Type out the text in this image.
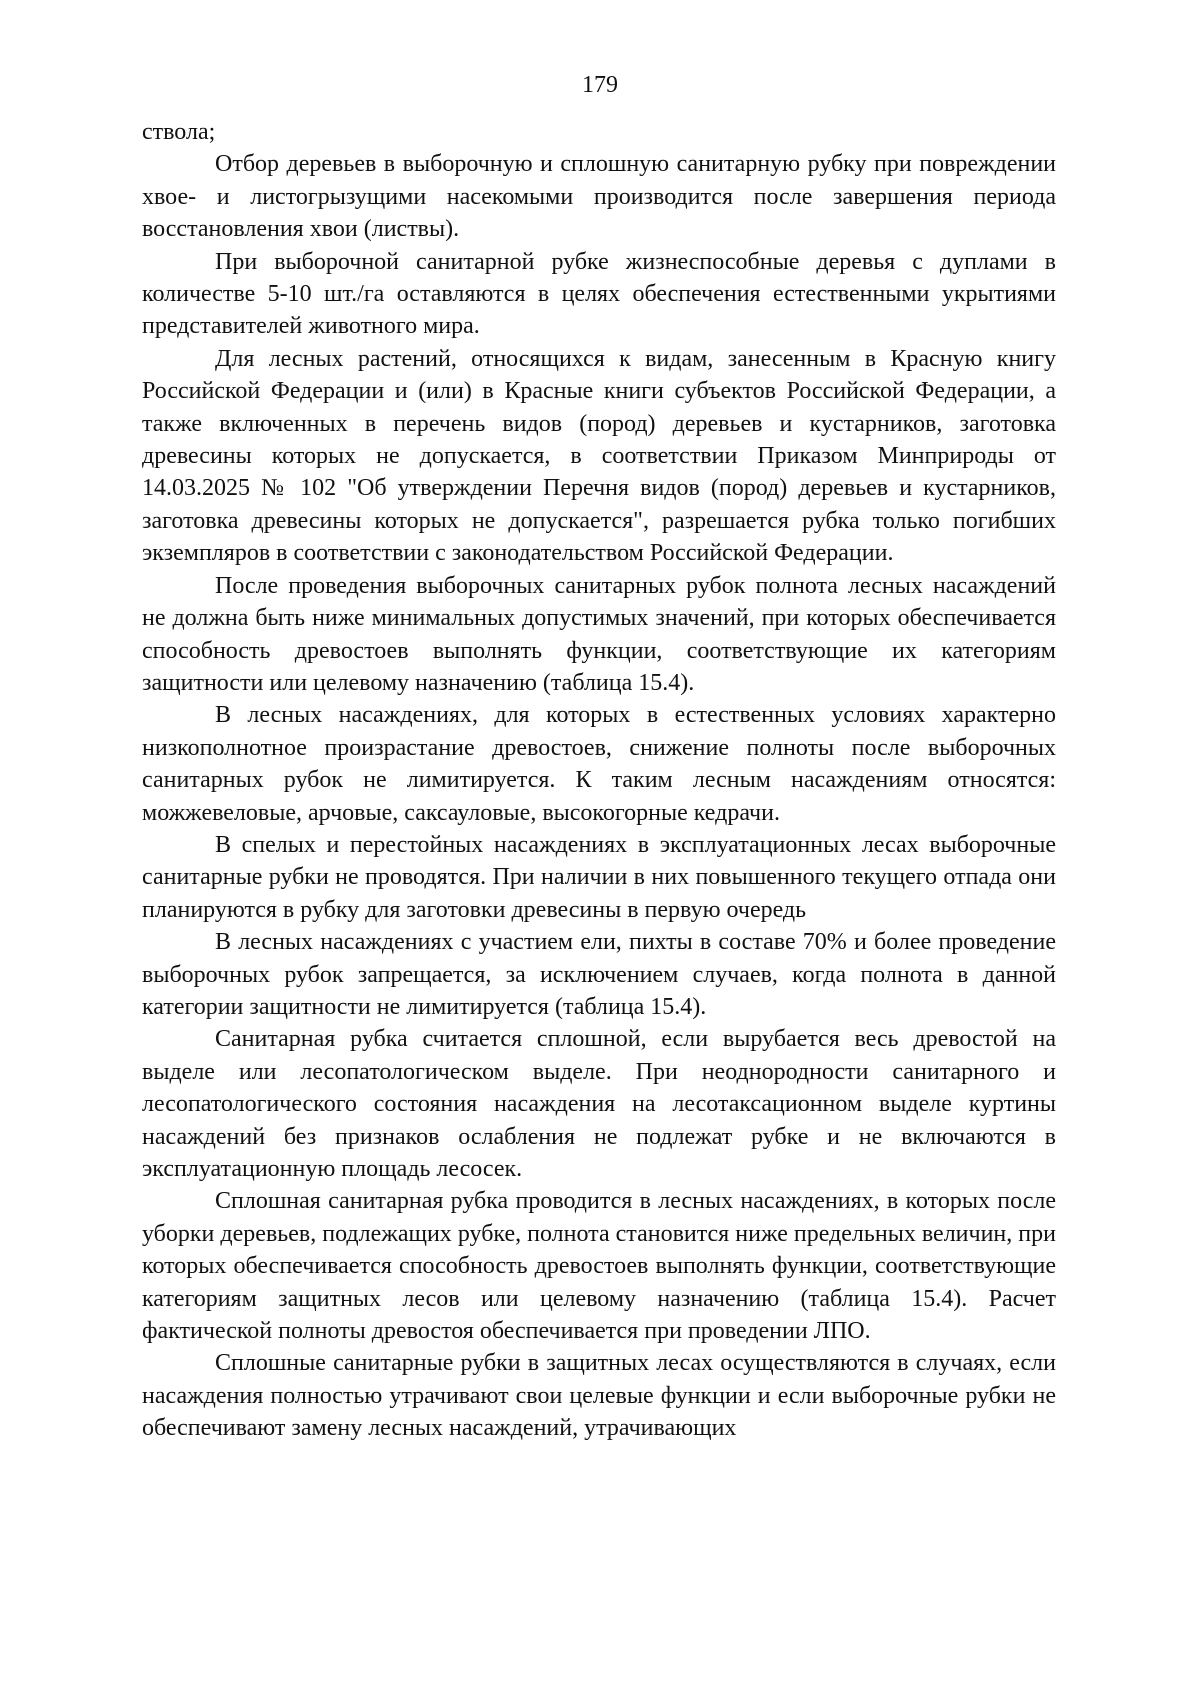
179

ствола;

Отбор деревьев в выборочную и сплошную санитарную рубку при повреждении хвое- и листогрызущими насекомыми производится после завершения периода восстановления хвои (листвы).

При выборочной санитарной рубке жизнеспособные деревья с дуплами в количестве 5-10 шт./га оставляются в целях обеспечения естественными укрытиями представителей животного мира.

Для лесных растений, относящихся к видам, занесенным в Красную книгу Российской Федерации и (или) в Красные книги субъектов Российской Федерации, а также включенных в перечень видов (пород) деревьев и кустарников, заготовка древесины которых не допускается, в соответствии Приказом Минприроды от 14.03.2025 № 102 "Об утверждении Перечня видов (пород) деревьев и кустарников, заготовка древесины которых не допускается", разрешается рубка только погибших экземпляров в соответствии с законодательством Российской Федерации.

После проведения выборочных санитарных рубок полнота лесных насаждений не должна быть ниже минимальных допустимых значений, при которых обеспечивается способность древостоев выполнять функции, соответствующие их категориям защитности или целевому назначению (таблица 15.4).

В лесных насаждениях, для которых в естественных условиях характерно низкополнотное произрастание древостоев, снижение полноты после выборочных санитарных рубок не лимитируется. К таким лесным насаждениям относятся: можжевеловые, арчовые, саксауловые, высокогорные кедрачи.

В спелых и перестойных насаждениях в эксплуатационных лесах выборочные санитарные рубки не проводятся. При наличии в них повышенного текущего отпада они планируются в рубку для заготовки древесины в первую очередь

В лесных насаждениях с участием ели, пихты в составе 70% и более проведение выборочных рубок запрещается, за исключением случаев, когда полнота в данной категории защитности не лимитируется (таблица 15.4).

Санитарная рубка считается сплошной, если вырубается весь древостой на выделе или лесопатологическом выделе. При неоднородности санитарного и лесопатологического состояния насаждения на лесотаксационном выделе куртины насаждений без признаков ослабления не подлежат рубке и не включаются в эксплуатационную площадь лесосек.

Сплошная санитарная рубка проводится в лесных насаждениях, в которых после уборки деревьев, подлежащих рубке, полнота становится ниже предельных величин, при которых обеспечивается способность древостоев выполнять функции, соответствующие категориям защитных лесов или целевому назначению (таблица 15.4). Расчет фактической полноты древостоя обеспечивается при проведении ЛПО.

Сплошные санитарные рубки в защитных лесах осуществляются в случаях, если насаждения полностью утрачивают свои целевые функции и если выборочные рубки не обеспечивают замену лесных насаждений, утрачивающих
